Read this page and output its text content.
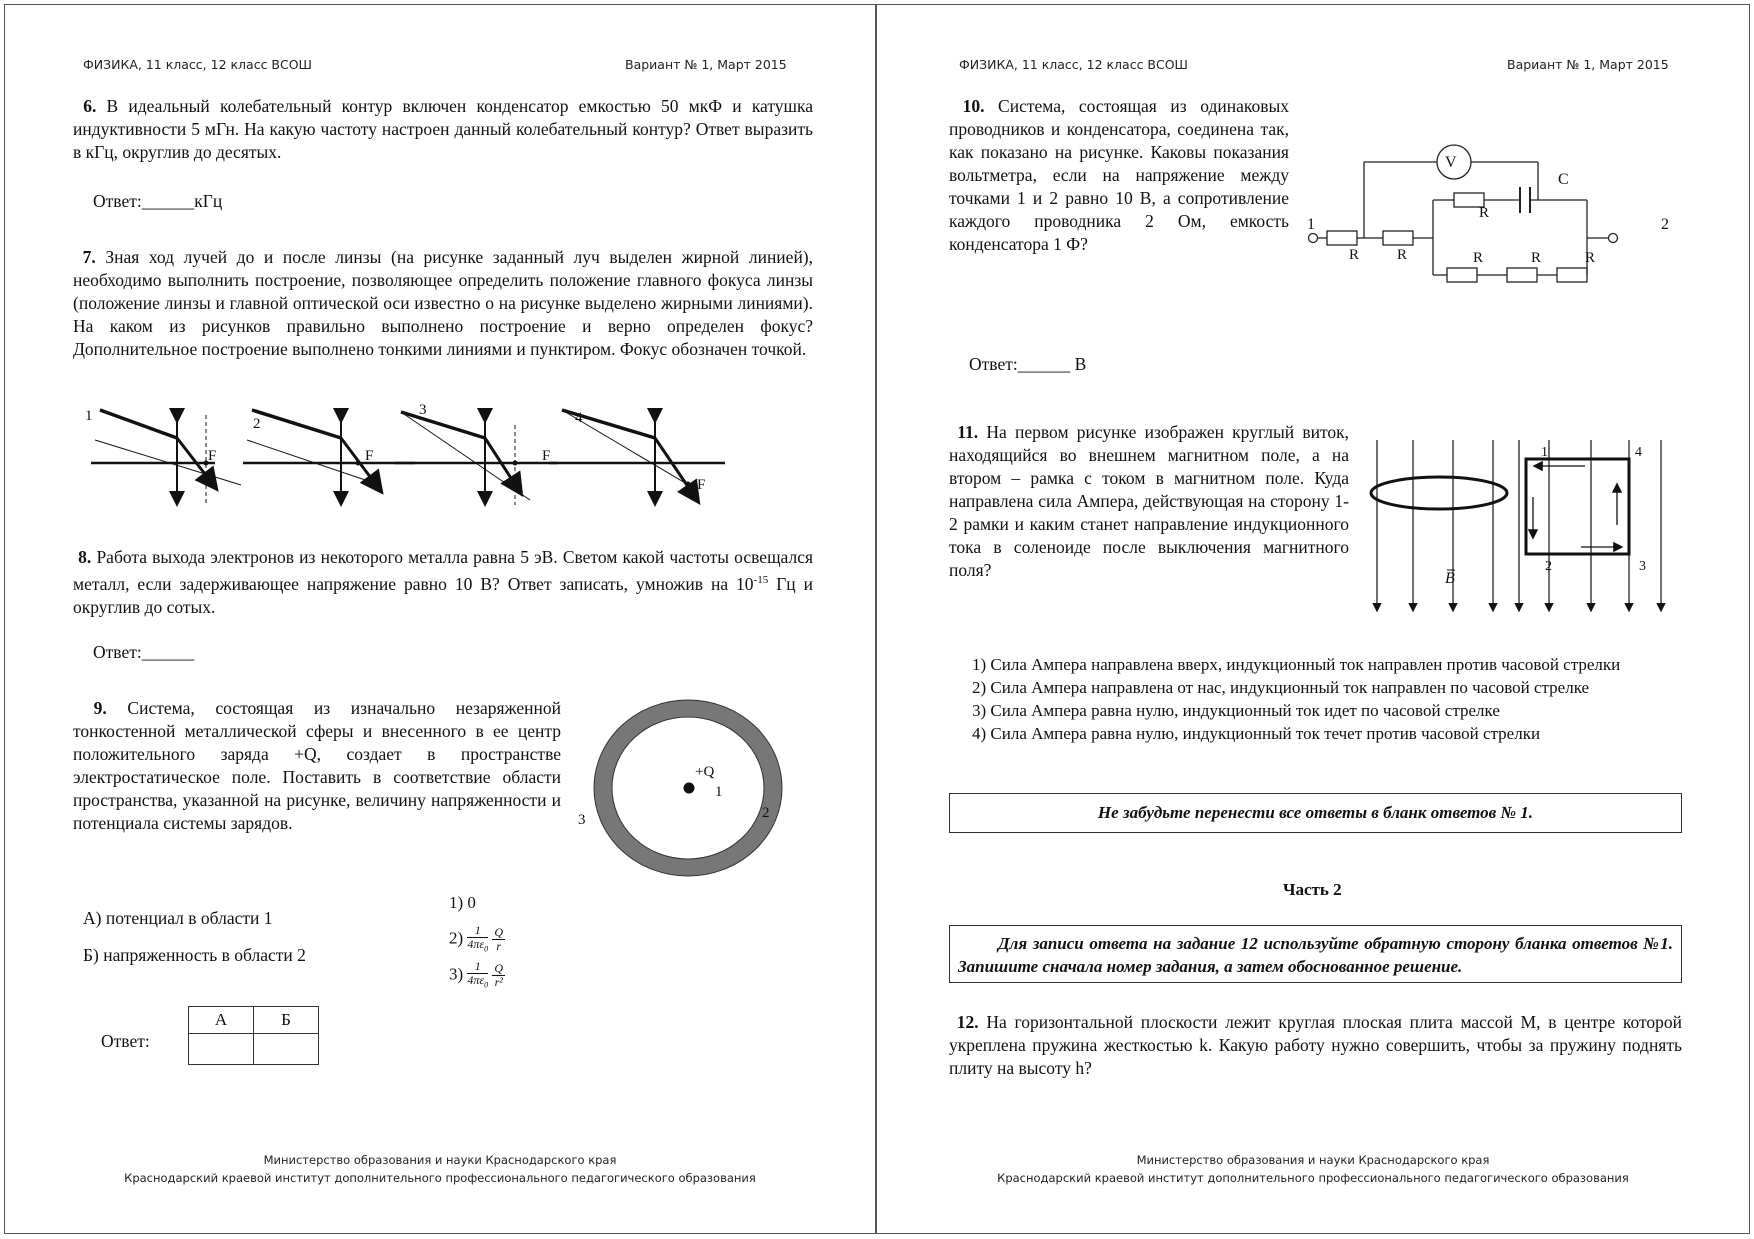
ФИЗИКА, 11 класс, 12 класс ВСОШ	Вариант № 1, Март 2015
6. В идеальный колебательный контур включен конденсатор емкостью 50 мкФ и катушка индуктивности 5 мГн. На какую частоту настроен данный колебательный контур? Ответ выразить в кГц, округлив до десятых.
Ответ:______кГц
7. Зная ход лучей до и после линзы (на рисунке заданный луч выделен жирной линией), необходимо выполнить построение, позволяющее определить положение главного фокуса линзы (положение линзы и главной оптической оси известно о на рисунке выделено жирными линиями). На каком из рисунков правильно выполнено построение и верно определен фокус? Дополнительное построение выполнено тонкими линиями и пунктиром. Фокус обозначен точкой.
1	2
3	4
F	F	F
F
8. Работа выхода электронов из некоторого металла равна 5 эВ. Светом какой частоты освещался металл, если задерживающее напряжение равно 10 В? Ответ записать, умножив на $10^{-15}$ Гц и округлив до сотых.
Ответ:______
9. Система, состоящая из изначально незаряженной тонкостенной металлической сферы и внесенного в ее центр положительного заряда +Q, создает в пространстве электростатическое поле. Поставить в соответствие области пространства, указанной на рисунке, величину напряженности и потенциала системы зарядов.
+Q
1
2
3
А) потенциал в области 1
Б) напряженность в области 2
1) 0
$2) \frac{1}{4\pi\varepsilon_0} \frac{Q}{r}$
$3) \frac{1}{4\pi\varepsilon_0} \frac{Q}{\text{r²}}$
Ответ:
А	Б

Министерство образования и науки Краснодарского края
Краснодарский краевой институт дополнительного профессионального педагогического образования
ФИЗИКА, 11 класс, 12 класс ВСОШ	Вариант № 1, Март 2015
10. Система, состоящая из одинаковых проводников и конденсатора, соединена так, как показано на рисунке. Каковы показания вольтметра, если на напряжение между точками 1 и 2 равно 10 В, а сопротивление каждого проводника 2 Ом, емкость конденсатора 1 Ф?
V
C
R
R	R	R	R	R
1	2
Ответ:______ В
11. На первом рисунке изображен круглый виток, находящийся во внешнем магнитном поле, а на втором – рамка с током в магнитном поле. Куда направлена сила Ампера, действующая на сторону 1-2 рамки и каким станет направление индукционного тока в соленоиде после выключения магнитного поля?	B
1	4
2	3
1) Сила Ампера направлена вверх, индукционный ток направлен против часовой стрелки
2) Сила Ампера направлена от нас, индукционный ток направлен по часовой стрелке
3) Сила Ампера равна нулю, индукционный ток идет по часовой стрелке
4) Сила Ампера равна нулю, индукционный ток течет против часовой стрелки
Не забудьте перенести все ответы в бланк ответов № 1.
Часть 2
Для записи ответа на задание 12 используйте обратную сторону бланка ответов №1. Запишите сначала номер задания, а затем обоснованное решение.
12. На горизонтальной плоскости лежит круглая плоская плита массой М, в центре которой укреплена пружина жесткостью k. Какую работу нужно совершить, чтобы за пружину поднять плиту на высоту h?
Министерство образования и науки Краснодарского края
Краснодарский краевой институт дополнительного профессионального педагогического образования
